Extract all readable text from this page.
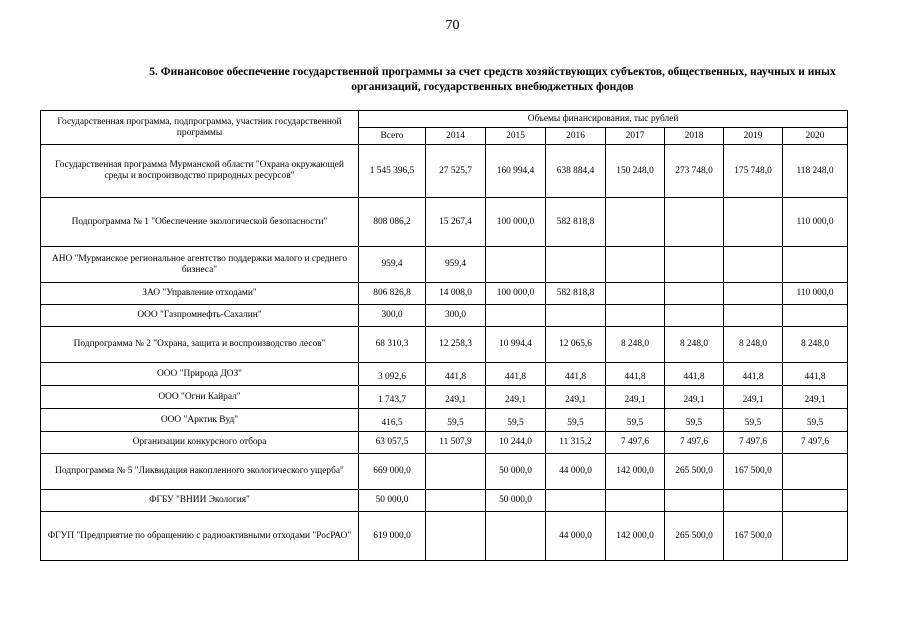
70
5. Финансовое обеспечение государственной программы за счет средств хозяйствующих субъектов, общественных, научных и иных организаций, государственных внебюджетных фондов
Государственная программа, подпрограмма, участник государственной программы	Объемы финансирования, тыс рублей							
	Всего	2014	2015	2016	2017	2018	2019	2020
Государственная программа Мурманской области "Охрана окружающей среды и воспроизводство природных ресурсов"	1 545 396,5	27 525,7	160 994,4	638 884,4	150 248,0	273 748,0	175 748,0	118 248,0
Подпрограмма № 1 "Обеспечение экологической безопасности"	808 086,2	15 267,4	100 000,0	582 818,8				110 000,0
АНО "Мурманское региональное агентство поддержки малого и среднего бизнеса"	959,4	959,4						
ЗАО "Управление отходами"	806 826,8	14 008,0	100 000,0	582 818,8				110 000,0
ООО "Газпромнефть-Сахалин"	300,0	300,0						
Подпрограмма № 2 "Охрана, защита и воспроизводство лесов"	68 310,3	12 258,3	10 994,4	12 065,6	8 248,0	8 248,0	8 248,0	8 248,0
ООО "Природа ДОЗ"	3 092,6	441,8	441,8	441,8	441,8	441,8	441,8	441,8
ООО "Огни Кайрал"	1 743,7	249,1	249,1	249,1	249,1	249,1	249,1	249,1
ООО "Арктик Вуд"	416,5	59,5	59,5	59,5	59,5	59,5	59,5	59,5
Организации конкурсного отбора	63 057,5	11 507,9	10 244,0	11 315,2	7 497,6	7 497,6	7 497,6	7 497,6
Подпрограмма № 5 "Ликвидация накопленного экологического ущерба"	669 000,0		50 000,0	44 000,0	142 000,0	265 500,0	167 500,0	
ФГБУ "ВНИИ Экология"	50 000,0		50 000,0					
ФГУП "Предприятие по обращению с радиоактивными отходами "РосРАО"	619 000,0			44 000,0	142 000,0	265 500,0	167 500,0	
